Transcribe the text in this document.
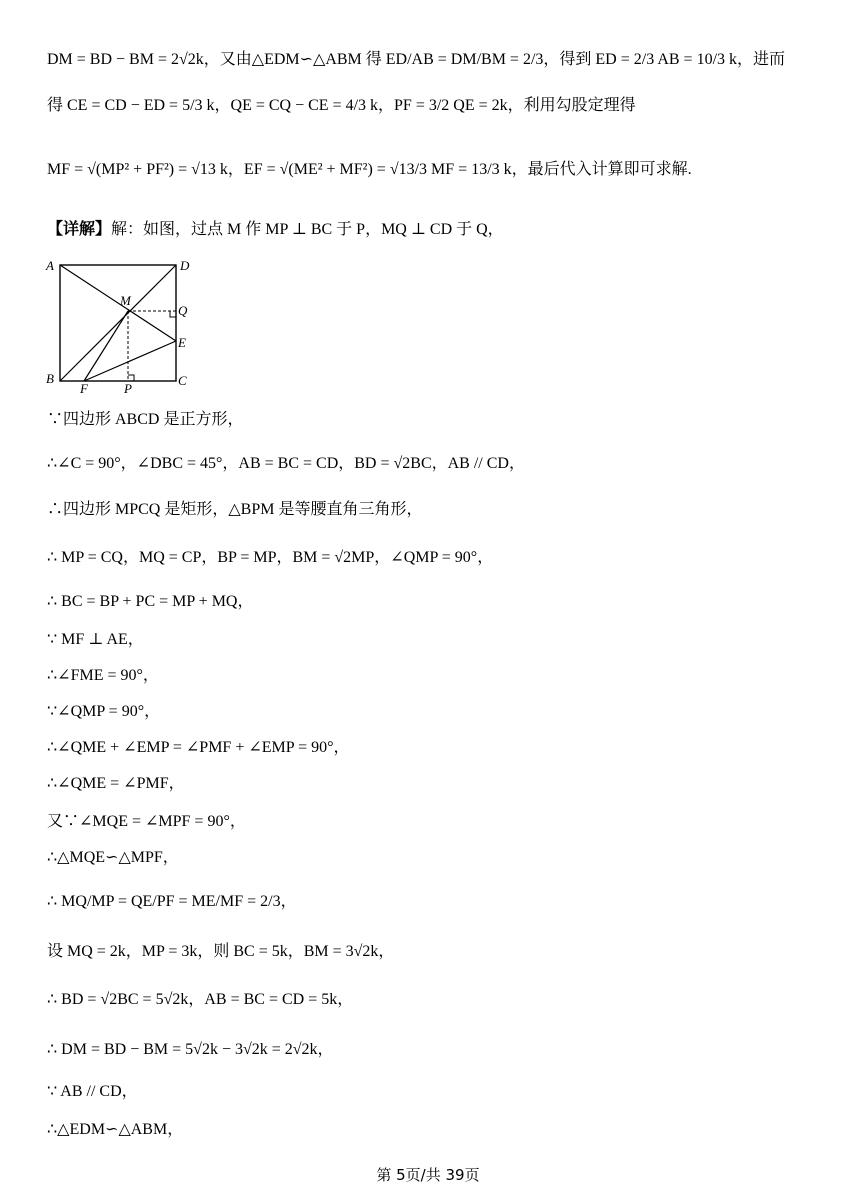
DM = BD − BM = 2√2k，又由△EDM∽△ABM 得 ED/AB = DM/BM = 2/3，得到 ED = 2/3 AB = 10/3 k，进而
得 CE = CD − ED = 5/3 k，QE = CQ − CE = 4/3 k，PF = 3/2 QE = 2k，利用勾股定理得
MF = √(MP² + PF²) = √13 k，EF = √(ME² + MF²) = √13/3 MF = 13/3 k，最后代入计算即可求解.
【详解】解：如图，过点 M 作 MP ⊥ BC 于 P，MQ ⊥ CD 于 Q，
A	D
M
Q
E
B
F	P
C
∵四边形 ABCD 是正方形，
∴∠C = 90°，∠DBC = 45°，AB = BC = CD，BD = √2BC，AB // CD，
∴四边形 MPCQ 是矩形，△BPM 是等腰直角三角形，
∴ MP = CQ，MQ = CP，BP = MP，BM = √2MP，∠QMP = 90°，
∴ BC = BP + PC = MP + MQ，
∵ MF ⊥ AE，
∴∠FME = 90°，
∵∠QMP = 90°，
∴∠QME + ∠EMP = ∠PMF + ∠EMP = 90°，
∴∠QME = ∠PMF，
又∵∠MQE = ∠MPF = 90°，
∴△MQE∽△MPF，
∴ MQ/MP = QE/PF = ME/MF = 2/3，
设 MQ = 2k，MP = 3k，则 BC = 5k，BM = 3√2k，
∴ BD = √2BC = 5√2k，AB = BC = CD = 5k，
∴ DM = BD − BM = 5√2k − 3√2k = 2√2k，
∵ AB // CD，
∴△EDM∽△ABM，
第 5页/共 39页
